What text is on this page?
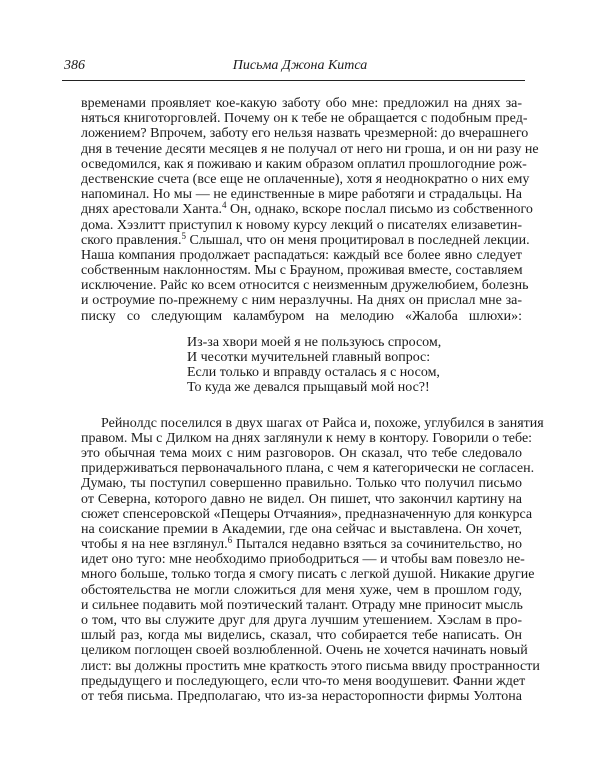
386	Письма Джона Китса
временами проявляет кое-какую заботу обо мне: предложил на днях за-
няться книготорговлей. Почему он к тебе не обращается с подобным пред-
ложением? Впрочем, заботу его нельзя назвать чрезмерной: до вчерашнего
дня в течение десяти месяцев я не получал от него ни гроша, и он ни разу не
осведомился, как я поживаю и каким образом оплатил прошлогодние рож-
дественские счета (все еще не оплаченные), хотя я неоднократно о них ему
напоминал. Но мы — не единственные в мире работяги и страдальцы. На
днях арестовали Ханта.$^4$ Он, однако, вскоре послал письмо из собственного
дома. Хэзлитт приступил к новому курсу лекций о писателях елизаветин-
ского правления.$^5$ Слышал, что он меня процитировал в последней лекции.
Наша компания продолжает распадаться: каждый все более явно следует
собственным наклонностям. Мы с Брауном, проживая вместе, составляем
исключение. Райс ко всем относится с неизменным дружелюбием, болезнь
и остроумие по-прежнему с ним неразлучны. На днях он прислал мне за-
писку со следующим каламбуром на мелодию «Жалоба шлюхи»:
Из-за хвори моей я не пользуюсь спросом,
И чесотки мучительней главный вопрос:
Если только и вправду осталась я с носом,
То куда же девался прыщавый мой нос?!
Рейнолдс поселился в двух шагах от Райса и, похоже, углубился в занятия
правом. Мы с Дилком на днях заглянули к нему в контору. Говорили о тебе:
это обычная тема моих с ним разговоров. Он сказал, что тебе следовало
придерживаться первоначального плана, с чем я категорически не согласен.
Думаю, ты поступил совершенно правильно. Только что получил письмо
от Северна, которого давно не видел. Он пишет, что закончил картину на
сюжет спенсеровской «Пещеры Отчаяния», предназначенную для конкурса
на соискание премии в Академии, где она сейчас и выставлена. Он хочет,
чтобы я на нее взглянул.$^6$ Пытался недавно взяться за сочинительство, но
идет оно туго: мне необходимо приободриться — и чтобы вам повезло не-
много больше, только тогда я смогу писать с легкой душой. Никакие другие
обстоятельства не могли сложиться для меня хуже, чем в прошлом году,
и сильнее подавить мой поэтический талант. Отраду мне приносит мысль
о том, что вы служите друг для друга лучшим утешением. Хэслам в про-
шлый раз, когда мы виделись, сказал, что собирается тебе написать. Он
целиком поглощен своей возлюбленной. Очень не хочется начинать новый
лист: вы должны простить мне краткость этого письма ввиду пространности
предыдущего и последующего, если что-то меня воодушевит. Фанни ждет
от тебя письма. Предполагаю, что из-за нерасторопности фирмы Уолтона
